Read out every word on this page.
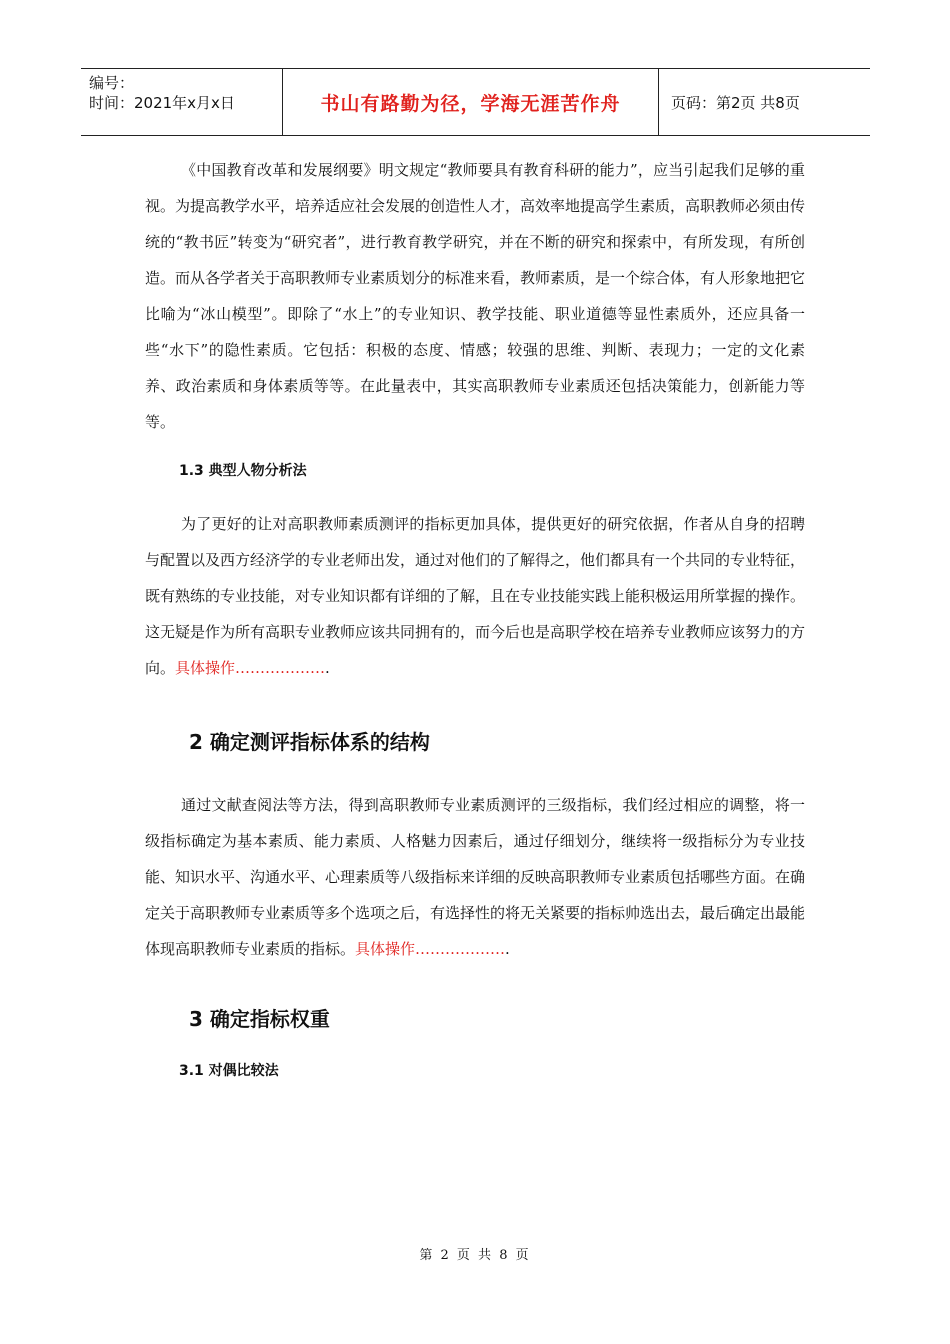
编号：
时间：2021年x月x日	书山有路勤为径，学海无涯苦作舟	页码：第2页 共8页

《中国教育改革和发展纲要》明文规定“教师要具有教育科研的能力”，应当引起我们足够的重视。为提高教学水平，培养适应社会发展的创造性人才，高效率地提高学生素质，高职教师必须由传统的“教书匠”转变为“研究者”，进行教育教学研究，并在不断的研究和探索中，有所发现，有所创造。而从各学者关于高职教师专业素质划分的标准来看，教师素质，是一个综合体，有人形象地把它比喻为“冰山模型”。即除了“水上”的专业知识、教学技能、职业道德等显性素质外，还应具备一些“水下”的隐性素质。它包括：积极的态度、情感；较强的思维、判断、表现力；一定的文化素养、政治素质和身体素质等等。在此量表中，其实高职教师专业素质还包括决策能力，创新能力等等。

1.3 典型人物分析法

为了更好的让对高职教师素质测评的指标更加具体，提供更好的研究依据，作者从自身的招聘与配置以及西方经济学的专业老师出发，通过对他们的了解得之，他们都具有一个共同的专业特征，既有熟练的专业技能，对专业知识都有详细的了解，且在专业技能实践上能积极运用所掌握的操作。这无疑是作为所有高职专业教师应该共同拥有的，而今后也是高职学校在培养专业教师应该努力的方向。具体操作……………….

2 确定测评指标体系的结构

通过文献查阅法等方法，得到高职教师专业素质测评的三级指标，我们经过相应的调整，将一级指标确定为基本素质、能力素质、人格魅力因素后，通过仔细划分，继续将一级指标分为专业技能、知识水平、沟通水平、心理素质等八级指标来详细的反映高职教师专业素质包括哪些方面。在确定关于高职教师专业素质等多个选项之后，有选择性的将无关紧要的指标帅选出去，最后确定出最能体现高职教师专业素质的指标。具体操作……………….

3 确定指标权重

3.1 对偶比较法

第 2 页 共 8 页
